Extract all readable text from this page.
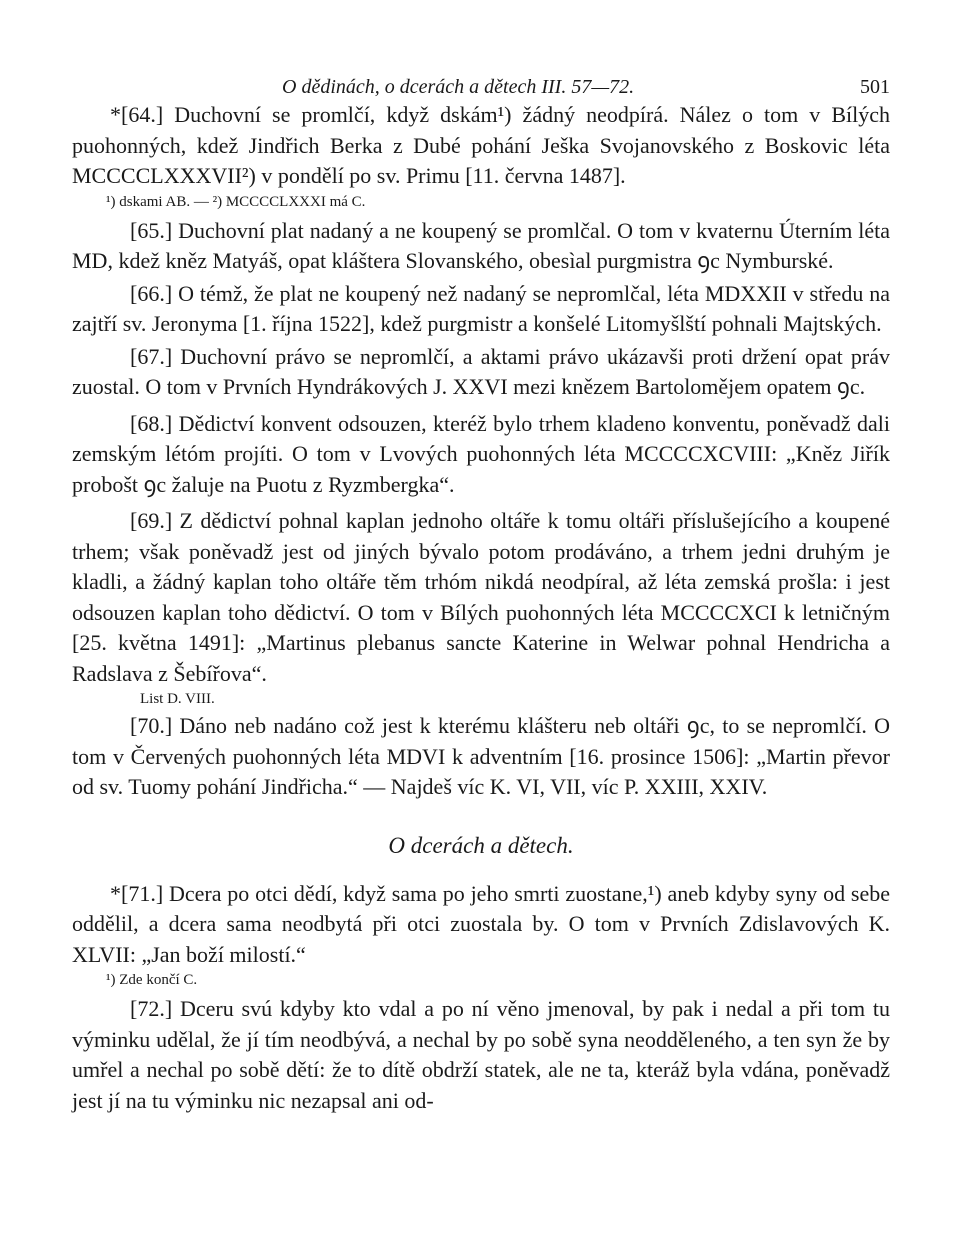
O dědinách, o dcerách a dětech III. 57—72.	501

*[64.] Duchovní se promlčí, když dskám¹) žádný neodpírá. Nález o tom v Bílých puohonných, kdež Jindřich Berka z Dubé pohání Ješka Svojanovského z Boskovic léta MCCCCLXXXVII²) v pondělí po sv. Primu [11. června 1487].

¹) dskami AB. — ²) MCCCCLXXXI má C.

[65.] Duchovní plat nadaný a ne koupený se promlčal. O tom v kvaternu Úterním léta MD, kdež kněz Matyáš, opat kláštera Slovanského, obesìal purgmistra ꝯc Nymburské.

[66.] O témž, že plat ne koupený než nadaný se nepromlčal, léta MDXXII v středu na zajtří sv. Jeronyma [1. října 1522], kdež purgmistr a konšelé Litomyšlští pohnali Majtských.

[67.] Duchovní právo se nepromlčí, a aktami právo ukázavši proti držení opat práv zuostal. O tom v Prvních Hyndrákových J. XXVI mezi knězem Bartolomějem opatem ꝯc.

[68.] Dědictví konvent odsouzen, kteréž bylo trhem kladeno konventu, poněvadž dali zemským létóm projíti. O tom v Lvových puohonných léta MCCCCXCVIII: „Kněz Jiřík probošt ꝯc žaluje na Puotu z Ryzmbergka“.

[69.] Z dědictví pohnal kaplan jednoho oltáře k tomu oltáři příslušejícího a koupené trhem; však poněvadž jest od jiných bývalo potom prodáváno, a trhem jedni druhým je kladli, a žádný kaplan toho oltáře těm trhóm nikdá neodpíral, až léta zemská prošla: i jest odsouzen kaplan toho dědictví. O tom v Bílých puohonných léta MCCCCXCI k letničným [25. května 1491]: „Martinus plebanus sancte Katerine in Welwar pohnal Hendricha a Radslava z Šebířova“.

List D. VIII.

[70.] Dáno neb nadáno což jest k kterému klášteru neb oltáři ꝯc, to se nepromlčí. O tom v Červených puohonných léta MDVI k adventním [16. prosince 1506]: „Martin převor od sv. Tuomy pohání Jindřicha.“ — Najdeš víc K. VI, VII, víc P. XXIII, XXIV.

O dcerách a dětech.

*[71.] Dcera po otci dědí, když sama po jeho smrti zuostane,¹) aneb kdyby syny od sebe oddělil, a dcera sama neodbytá při otci zuostala by. O tom v Prvních Zdislavových K. XLVII: „Jan boží milostí.“

¹) Zde končí C.

[72.] Dceru svú kdyby kto vdal a po ní věno jmenoval, by pak i nedal a při tom tu výminku udělal, že jí tím neodbývá, a nechal by po sobě syna neodděleného, a ten syn že by umřel a nechal po sobě dětí: že to dítě obdrží statek, ale ne ta, kteráž byla vdána, poněvadž jest jí na tu výminku nic nezapsal ani od-
